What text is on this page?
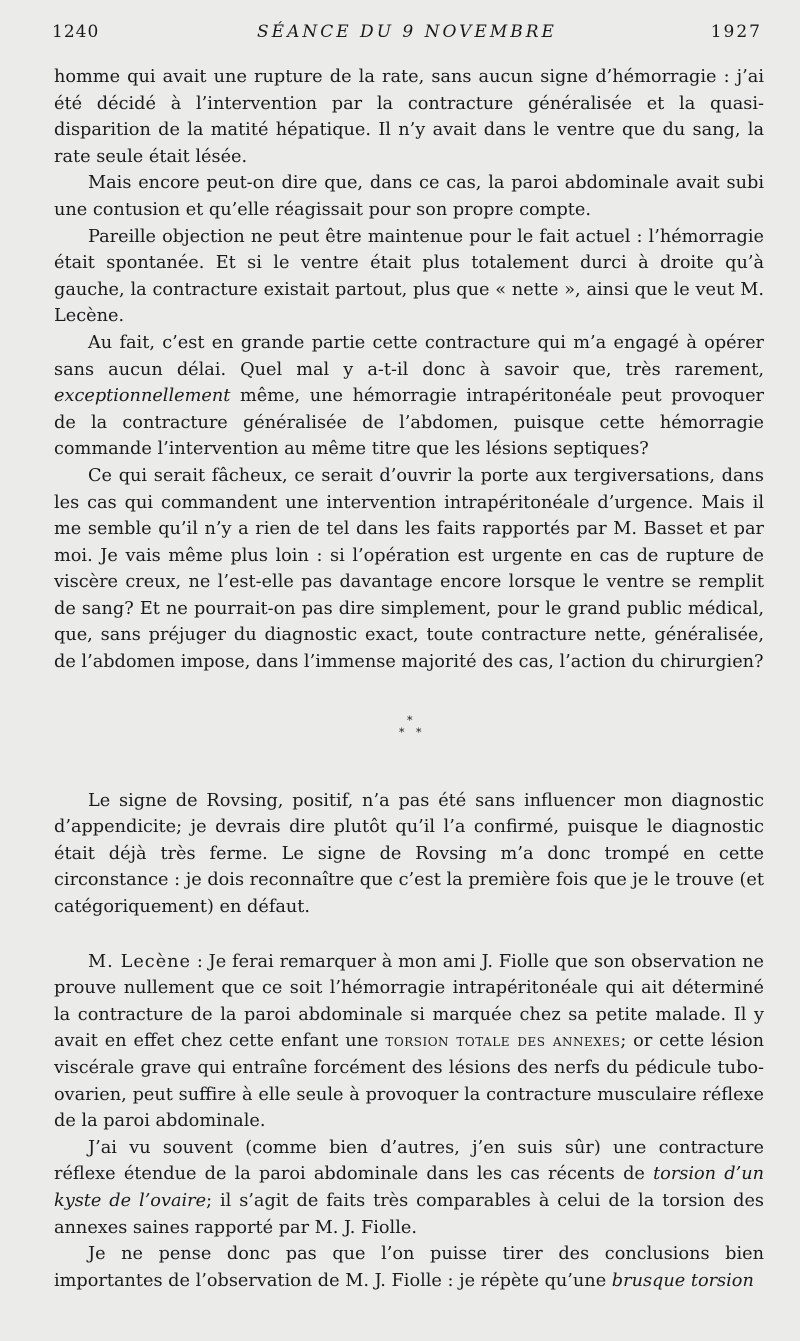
1240	SÉANCE DU 9 NOVEMBRE	1927

homme qui avait une rupture de la rate, sans aucun signe d’hémorragie : j’ai été décidé à l’intervention par la contracture généralisée et la quasi-disparition de la matité hépatique. Il n’y avait dans le ventre que du sang, la rate seule était lésée.

Mais encore peut-on dire que, dans ce cas, la paroi abdominale avait subi une contusion et qu’elle réagissait pour son propre compte.

Pareille objection ne peut être maintenue pour le fait actuel : l’hémorragie était spontanée. Et si le ventre était plus totalement durci à droite qu’à gauche, la contracture existait partout, plus que « nette », ainsi que le veut M. Lecène.

Au fait, c’est en grande partie cette contracture qui m’a engagé à opérer sans aucun délai. Quel mal y a-t-il donc à savoir que, très rarement, exceptionnellement même, une hémorragie intrapéritonéale peut provoquer de la contracture généralisée de l’abdomen, puisque cette hémorragie commande l’intervention au même titre que les lésions septiques?

Ce qui serait fâcheux, ce serait d’ouvrir la porte aux tergiversations, dans les cas qui commandent une intervention intrapéritonéale d’urgence. Mais il me semble qu’il n’y a rien de tel dans les faits rapportés par M. Basset et par moi. Je vais même plus loin : si l’opération est urgente en cas de rupture de viscère creux, ne l’est-elle pas davantage encore lorsque le ventre se remplit de sang? Et ne pourrait-on pas dire simplement, pour le grand public médical, que, sans préjuger du diagnostic exact, toute contracture nette, généralisée, de l’abdomen impose, dans l’immense majorité des cas, l’action du chirurgien?

*
* *

Le signe de Rovsing, positif, n’a pas été sans influencer mon diagnostic d’appendicite; je devrais dire plutôt qu’il l’a confirmé, puisque le diagnostic était déjà très ferme. Le signe de Rovsing m’a donc trompé en cette circonstance : je dois reconnaître que c’est la première fois que je le trouve (et catégoriquement) en défaut.

M. Lecène : Je ferai remarquer à mon ami J. Fiolle que son observation ne prouve nullement que ce soit l’hémorragie intrapéritonéale qui ait déterminé la contracture de la paroi abdominale si marquée chez sa petite malade. Il y avait en effet chez cette enfant une torsion totale des annexes; or cette lésion viscérale grave qui entraîne forcément des lésions des nerfs du pédicule tubo-ovarien, peut suffire à elle seule à provoquer la contracture musculaire réflexe de la paroi abdominale.

J’ai vu souvent (comme bien d’autres, j’en suis sûr) une contracture réflexe étendue de la paroi abdominale dans les cas récents de torsion d’un kyste de l’ovaire; il s’agit de faits très comparables à celui de la torsion des annexes saines rapporté par M. J. Fiolle.

Je ne pense donc pas que l’on puisse tirer des conclusions bien importantes de l’observation de M. J. Fiolle : je répète qu’une brusque torsion
